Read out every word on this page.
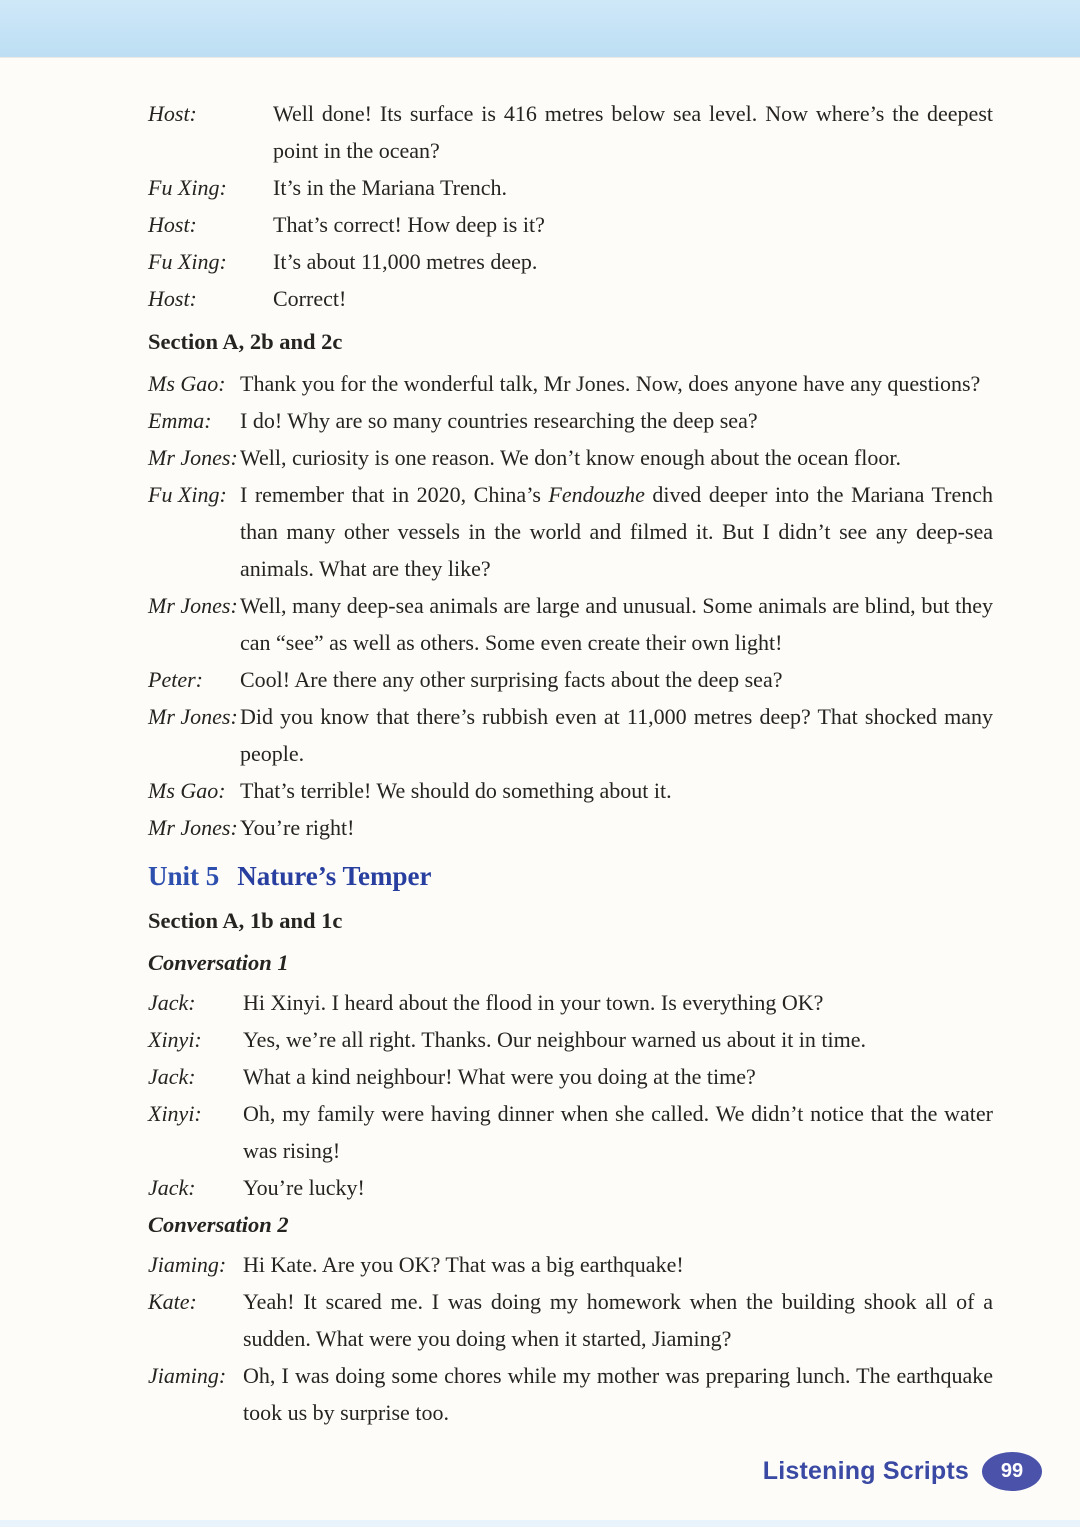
Host:	Well done! Its surface is 416 metres below sea level. Now where’s the deepest point in the ocean?
Fu Xing:	It’s in the Mariana Trench.
Host:	That’s correct! How deep is it?
Fu Xing:	It’s about 11,000 metres deep.
Host:	Correct!
Section A, 2b and 2c
Ms Gao: Thank you for the wonderful talk, Mr Jones. Now, does anyone have any questions?
Emma:	I do! Why are so many countries researching the deep sea?
Mr Jones: Well, curiosity is one reason. We don’t know enough about the ocean floor.
Fu Xing: I remember that in 2020, China’s Fendouzhe dived deeper into the Mariana Trench than many other vessels in the world and filmed it. But I didn’t see any deep-sea animals. What are they like?
Mr Jones: Well, many deep-sea animals are large and unusual. Some animals are blind, but they can “see” as well as others. Some even create their own light!
Peter:	Cool! Are there any other surprising facts about the deep sea?
Mr Jones: Did you know that there’s rubbish even at 11,000 metres deep? That shocked many people.
Ms Gao: That’s terrible! We should do something about it.
Mr Jones: You’re right!
Unit 5 Nature’s Temper
Section A, 1b and 1c
Conversation 1
Jack:	Hi Xinyi. I heard about the flood in your town. Is everything OK?
Xinyi:	Yes, we’re all right. Thanks. Our neighbour warned us about it in time.
Jack:	What a kind neighbour! What were you doing at the time?
Xinyi:	Oh, my family were having dinner when she called. We didn’t notice that the water was rising!
Jack:	You’re lucky!
Conversation 2
Jiaming: Hi Kate. Are you OK? That was a big earthquake!
Kate:	Yeah! It scared me. I was doing my homework when the building shook all of a sudden. What were you doing when it started, Jiaming?
Jiaming: Oh, I was doing some chores while my mother was preparing lunch. The earthquake took us by surprise too.
Listening Scripts 99
